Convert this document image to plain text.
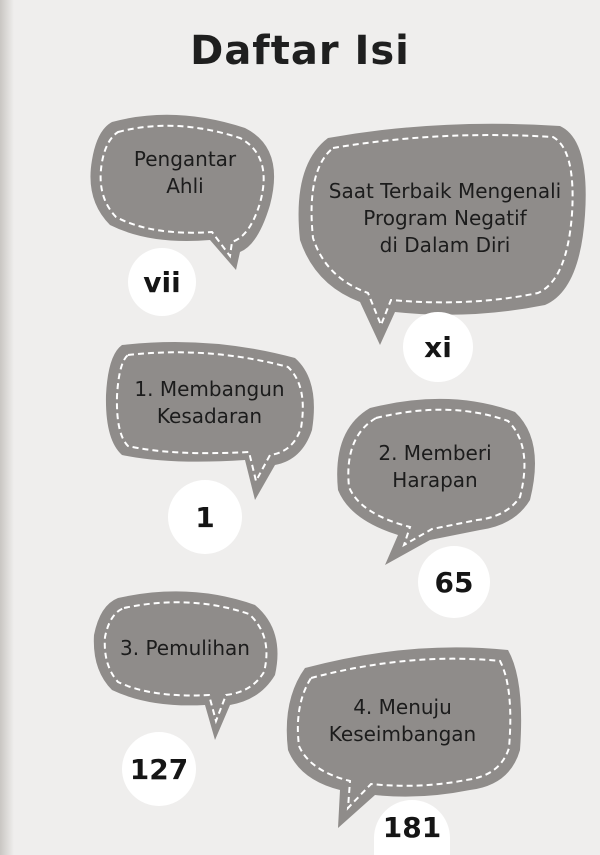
Daftar Isi
Pengantar
Ahli	Saat Terbaik Mengenali
Program Negatif
di Dalam Diri
1. Membangun
Kesadaran
2. Memberi
Harapan
3. Pemulihan
4. Menuju
Keseimbangan
vii
xi
1
65
127
181
